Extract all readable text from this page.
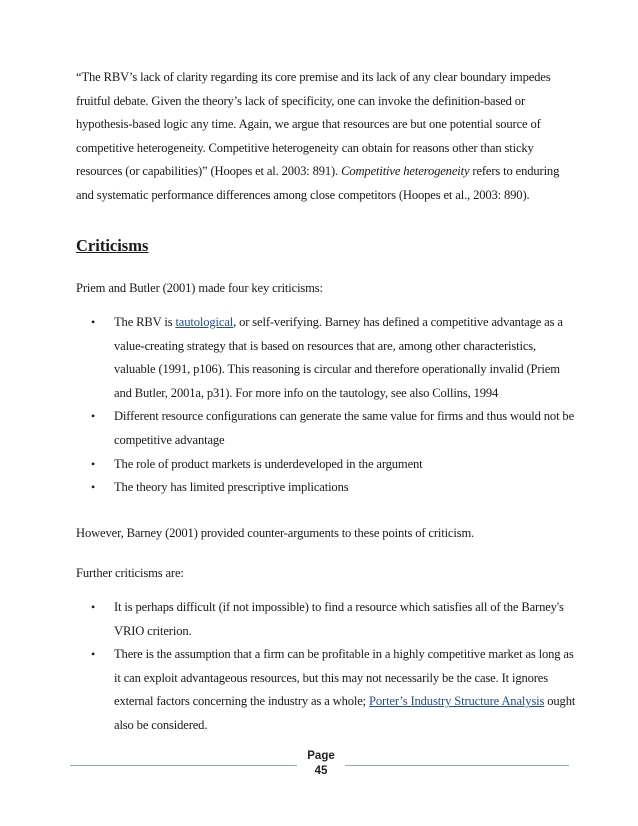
“The RBV’s lack of clarity regarding its core premise and its lack of any clear boundary impedes fruitful debate. Given the theory’s lack of specificity, one can invoke the definition-based or hypothesis-based logic any time. Again, we argue that resources are but one potential source of competitive heterogeneity. Competitive heterogeneity can obtain for reasons other than sticky resources (or capabilities)” (Hoopes et al. 2003: 891). Competitive heterogeneity refers to enduring and systematic performance differences among close competitors (Hoopes et al., 2003: 890).

Criticisms

Priem and Butler (2001) made four key criticisms:

• The RBV is tautological, or self-verifying. Barney has defined a competitive advantage as a value-creating strategy that is based on resources that are, among other characteristics, valuable (1991, p106). This reasoning is circular and therefore operationally invalid (Priem and Butler, 2001a, p31). For more info on the tautology, see also Collins, 1994
• Different resource configurations can generate the same value for firms and thus would not be competitive advantage
• The role of product markets is underdeveloped in the argument
• The theory has limited prescriptive implications

However, Barney (2001) provided counter-arguments to these points of criticism.

Further criticisms are:

• It is perhaps difficult (if not impossible) to find a resource which satisfies all of the Barney's VRIO criterion.
• There is the assumption that a firm can be profitable in a highly competitive market as long as it can exploit advantageous resources, but this may not necessarily be the case. It ignores external factors concerning the industry as a whole; Porter’s Industry Structure Analysis ought also be considered.
Page
45
